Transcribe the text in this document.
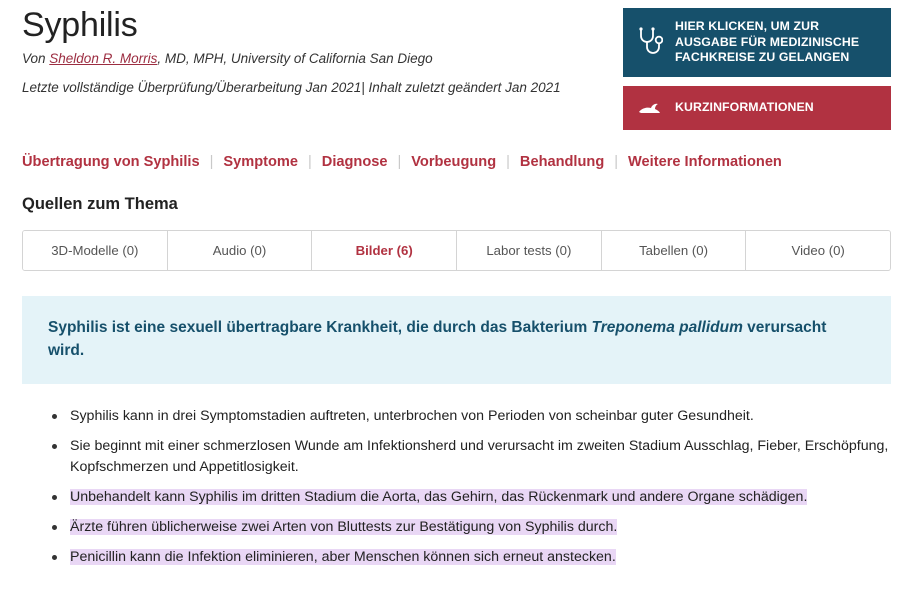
Syphilis
Von Sheldon R. Morris, MD, MPH, University of California San Diego
Letzte vollständige Überprüfung/Überarbeitung Jan 2021| Inhalt zuletzt geändert Jan 2021
HIER KLICKEN, UM ZUR AUSGABE FÜR MEDIZINISCHE FACHKREISE ZU GELANGEN
KURZINFORMATIONEN
Übertragung von Syphilis | Symptome | Diagnose | Vorbeugung | Behandlung | Weitere Informationen
Quellen zum Thema
3D-Modelle (0)	Audio (0)	Bilder (6)	Labor tests (0)	Tabellen (0)	Video (0)
Syphilis ist eine sexuell übertragbare Krankheit, die durch das Bakterium Treponema pallidum verursacht wird.
Syphilis kann in drei Symptomstadien auftreten, unterbrochen von Perioden von scheinbar guter Gesundheit.
Sie beginnt mit einer schmerzlosen Wunde am Infektionsherd und verursacht im zweiten Stadium Ausschlag, Fieber, Erschöpfung, Kopfschmerzen und Appetitlosigkeit.
Unbehandelt kann Syphilis im dritten Stadium die Aorta, das Gehirn, das Rückenmark und andere Organe schädigen.
Ärzte führen üblicherweise zwei Arten von Bluttests zur Bestätigung von Syphilis durch.
Penicillin kann die Infektion eliminieren, aber Menschen können sich erneut anstecken.
